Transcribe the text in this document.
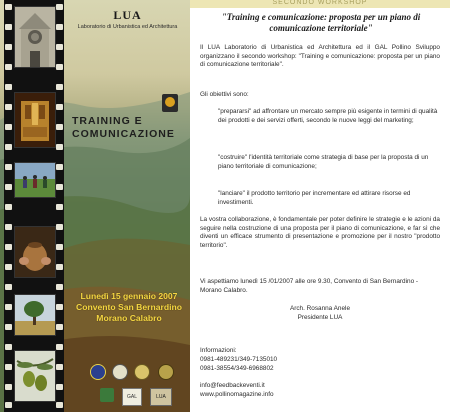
LUA
Laboratorio di Urbanistica ed Architettura
TRAINING E
COMUNICAZIONE
Lunedì 15 gennaio 2007
Convento San Bernardino
Morano Calabro
GAL	LUA
SECONDO WORKSHOP
"Training e comunicazione: proposta per un piano di comunicazione territoriale"
Il LUA Laboratorio di Urbanistica ed Architettura ed il GAL Pollino Sviluppo organizzano il secondo workshop: "Training e comunicazione: proposta per un piano di comunicazione territoriale".
Gli obiettivi sono:
"prepararsi" ad affrontare un mercato sempre più esigente in termini di qualità dei prodotti e dei servizi offerti, secondo le nuove leggi del marketing;
"costruire" l'identità territoriale come strategia di base per la proposta di un piano territoriale di comunicazione;
"lanciare" il prodotto territorio per incrementare ed attirare risorse ed investimenti.
La vostra collaborazione, è fondamentale per poter definire le strategie e le azioni da seguire nella costruzione di una proposta per il piano di comunicazione, e far sì che diventi un efficace strumento di presentazione e promozione per il nostro "prodotto territorio".
Vi aspettiamo lunedì 15 /01/2007 alle ore 9.30, Convento di San Bernardino - Morano Calabro.
Arch. Rosanna Anele
Presidente LUA
Informazioni:
0981-489231/349-7135010
0981-38554/349-6968802
info@feedbackeventi.it
www.pollinomagazine.info
